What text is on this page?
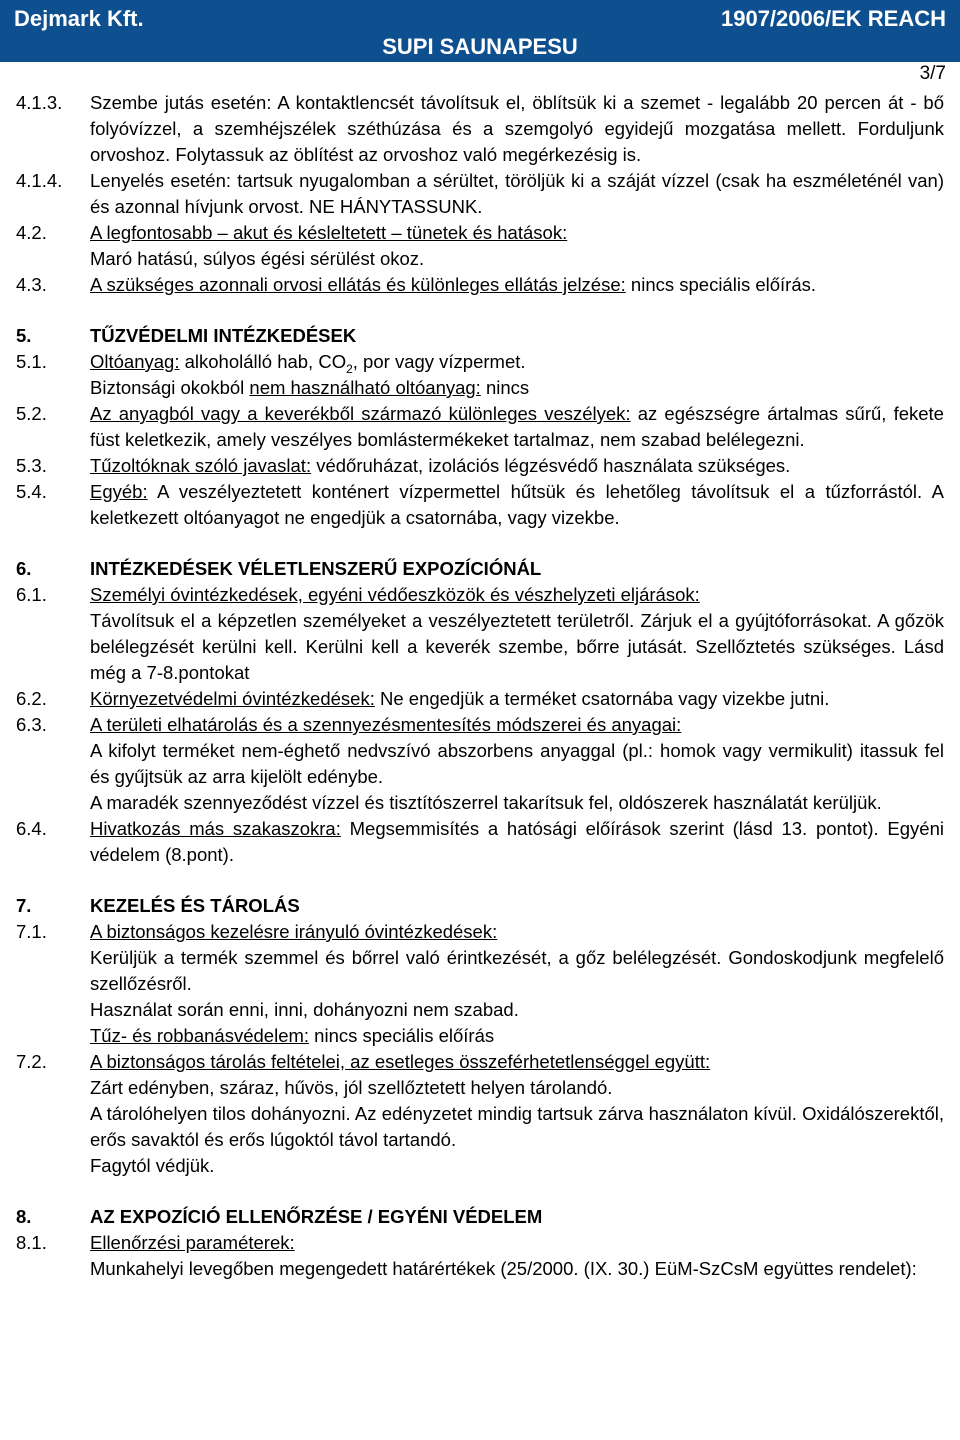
Dejmark Kft.	1907/2006/EK REACH
SUPI SAUNAPESU
3/7
4.1.3.	Szembe jutás esetén: A kontaktlencsét távolítsuk el, öblítsük ki a szemet - legalább 20 percen át - bő folyóvízzel, a szemhéjszélek széthúzása és a szemgolyó egyidejű mozgatása mellett. Forduljunk orvoshoz. Folytassuk az öblítést az orvoshoz való megérkezésig is.

4.1.4.	Lenyelés esetén: tartsuk nyugalomban a sérültet, töröljük ki a száját vízzel (csak ha eszméleténél van) és azonnal hívjunk orvost. NE HÁNYTASSUNK.

4.2.	A legfontosabb – akut és késleltetett – tünetek és hatások:

Maró hatású, súlyos égési sérülést okoz.

4.3.	A szükséges azonnali orvosi ellátás és különleges ellátás jelzése: nincs speciális előírás.

5.	TŰZVÉDELMI INTÉZKEDÉSEK
5.1.	Oltóanyag: alkoholálló hab, $CO_2$, por vagy vízpermet.

Biztonsági okokból nem használható oltóanyag: nincs

5.2.	Az anyagból vagy a keverékből származó különleges veszélyek: az egészségre ártalmas sűrű, fekete füst keletkezik, amely veszélyes bomlástermékeket tartalmaz, nem szabad belélegezni.

5.3.	Tűzoltóknak szóló javaslat: védőruházat, izolációs légzésvédő használata szükséges.

5.4.	Egyéb: A veszélyeztetett konténert vízpermettel hűtsük és lehetőleg távolítsuk el a tűzforrástól. A keletkezett oltóanyagot ne engedjük a csatornába, vagy vizekbe.

6.	INTÉZKEDÉSEK VÉLETLENSZERŰ EXPOZÍCIÓNÁL
6.1.	Személyi óvintézkedések, egyéni védőeszközök és vészhelyzeti eljárások:

Távolítsuk el a képzetlen személyeket a veszélyeztetett területről. Zárjuk el a gyújtóforrásokat. A gőzök belélegzését kerülni kell. Kerülni kell a keverék szembe, bőrre jutását. Szellőztetés szükséges. Lásd még a 7-8.pontokat

6.2.	Környezetvédelmi óvintézkedések: Ne engedjük a terméket csatornába vagy vizekbe jutni.

6.3.	A területi elhatárolás és a szennyezésmentesítés módszerei és anyagai:

A kifolyt terméket nem-éghető nedvszívó abszorbens anyaggal (pl.: homok vagy vermikulit) itassuk fel és gyűjtsük az arra kijelölt edénybe.

A maradék szennyeződést vízzel és tisztítószerrel takarítsuk fel, oldószerek használatát kerüljük.

6.4.	Hivatkozás más szakaszokra: Megsemmisítés a hatósági előírások szerint (lásd 13. pontot). Egyéni védelem (8.pont).

7.	KEZELÉS ÉS TÁROLÁS
7.1.	A biztonságos kezelésre irányuló óvintézkedések:

Kerüljük a termék szemmel és bőrrel való érintkezését, a gőz belélegzését. Gondoskodjunk megfelelő szellőzésről.

Használat során enni, inni, dohányozni nem szabad.

Tűz- és robbanásvédelem: nincs speciális előírás

7.2.	A biztonságos tárolás feltételei, az esetleges összeférhetetlenséggel együtt:

Zárt edényben, száraz, hűvös, jól szellőztetett helyen tárolandó.

A tárolóhelyen tilos dohányozni. Az edényzetet mindig tartsuk zárva használaton kívül. Oxidálószerektől, erős savaktól és erős lúgoktól távol tartandó.

Fagytól védjük.

8.	AZ EXPOZÍCIÓ ELLENŐRZÉSE / EGYÉNI VÉDELEM
8.1.	Ellenőrzési paraméterek:

Munkahelyi levegőben megengedett határértékek (25/2000. (IX. 30.) EüM-SzCsM együttes rendelet):
